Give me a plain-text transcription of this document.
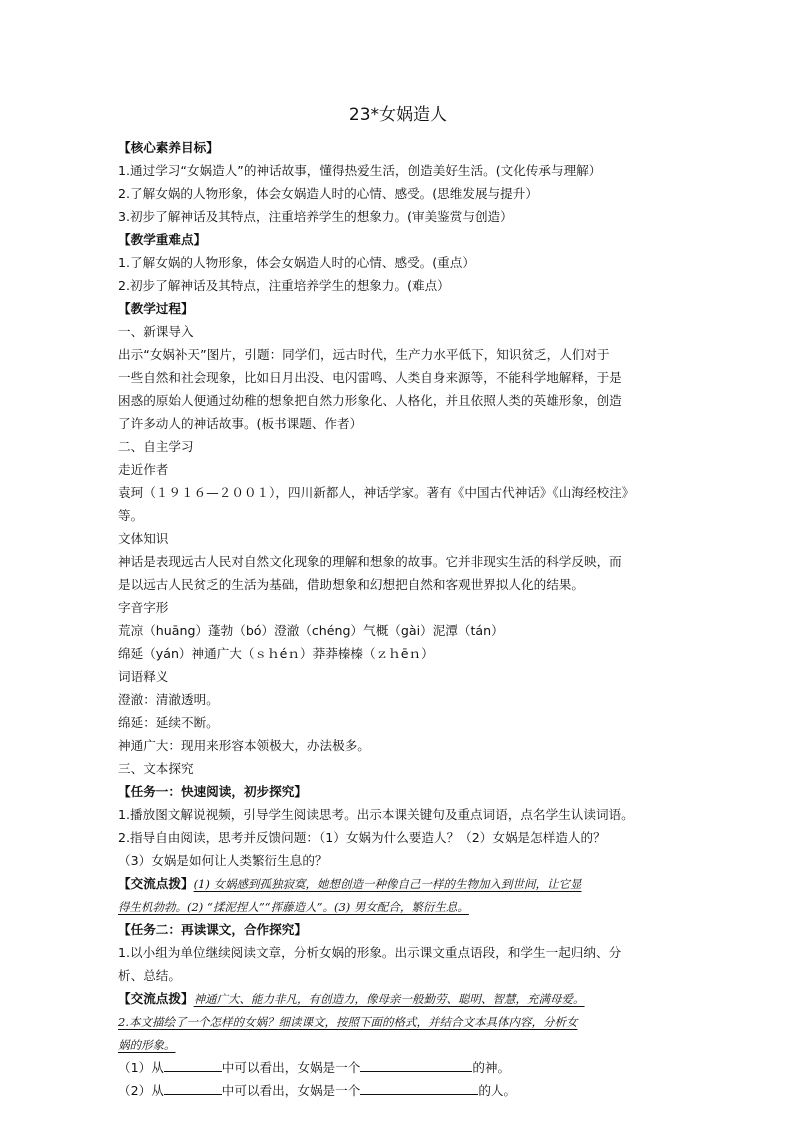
23*女娲造人
【核心素养目标】
1.通过学习“女娲造人”的神话故事，懂得热爱生活，创造美好生活。(文化传承与理解）
2.了解女娲的人物形象，体会女娲造人时的心情、感受。(思维发展与提升）
3.初步了解神话及其特点，注重培养学生的想象力。(审美鉴赏与创造）
【教学重难点】
1.了解女娲的人物形象，体会女娲造人时的心情、感受。(重点）
2.初步了解神话及其特点，注重培养学生的想象力。(难点）
【教学过程】
一、新课导入
出示“女娲补天”图片，引题：同学们，远古时代，生产力水平低下，知识贫乏，人们对于
一些自然和社会现象，比如日月出没、电闪雷鸣、人类自身来源等，不能科学地解释，于是
困惑的原始人便通过幼稚的想象把自然力形象化、人格化，并且依照人类的英雄形象，创造
了许多动人的神话故事。(板书课题、作者）
二、自主学习
走近作者
袁珂（１９１６—２００１），四川新都人，神话学家。著有《中国古代神话》《山海经校注》
等。
文体知识
神话是表现远古人民对自然文化现象的理解和想象的故事。它并非现实生活的科学反映，而
是以远古人民贫乏的生活为基础，借助想象和幻想把自然和客观世界拟人化的结果。
字音字形
荒凉（huāng）蓬勃（bó）澄澈（chéng）气概（gài）泥潭（tán）
绵延（yán）神通广大（ｓｈéｎ）莽莽榛榛（ｚｈēｎ）
词语释义
澄澈：清澈透明。
绵延：延续不断。
神通广大：现用来形容本领极大，办法极多。
三、文本探究
【任务一：快速阅读，初步探究】
1.播放图文解说视频，引导学生阅读思考。出示本课关键句及重点词语，点名学生认读词语。
2.指导自由阅读，思考并反馈问题：（1）女娲为什么要造人？（2）女娲是怎样造人的？
（3）女娲是如何让人类繁衍生息的？
【交流点拨】(1) 女娲感到孤独寂寞，她想创造一种像自己一样的生物加入到世间，让它显
得生机勃勃。(2) “揉泥捏人”“挥藤造人”。(3) 男女配合，繁衍生息。
【任务二：再读课文，合作探究】
1.以小组为单位继续阅读文章，分析女娲的形象。出示课文重点语段，和学生一起归纳、分
析、总结。
【交流点拨】神通广大、能力非凡，有创造力，像母亲一般勤劳、聪明、智慧，充满母爱。
2.本文描绘了一个怎样的女娲？细读课文，按照下面的格式，并结合文本具体内容，分析女
娲的形象。
（1）从	中可以看出，女娲是一个	的神。
（2）从	中可以看出，女娲是一个	的人。
